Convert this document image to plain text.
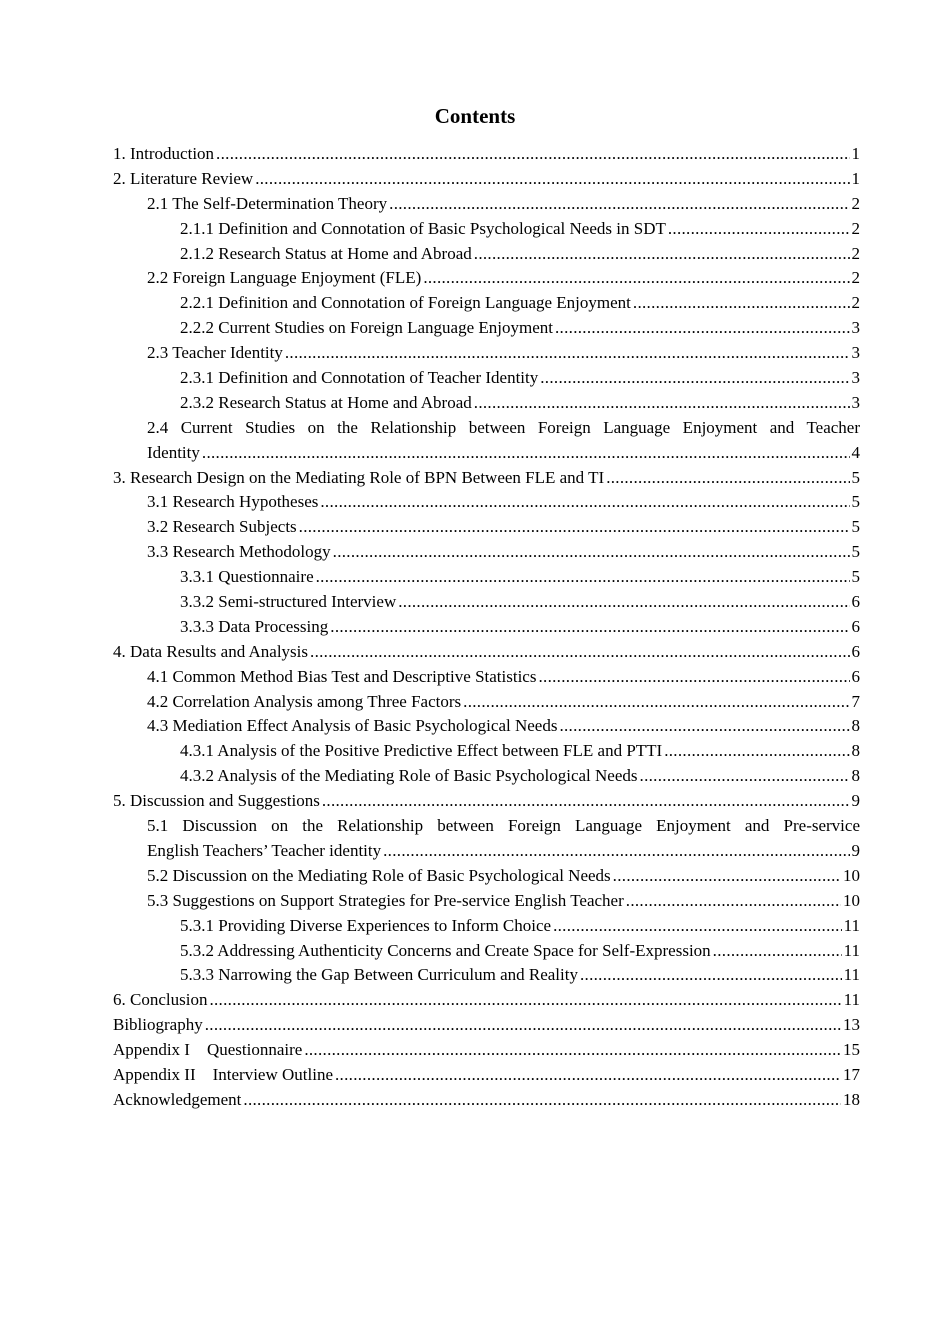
Contents
1. Introduction .....	1
2. Literature Review .....	1
2.1 The Self-Determination Theory .....	2
2.1.1 Definition and Connotation of Basic Psychological Needs in SDT .....	2
2.1.2 Research Status at Home and Abroad .....	2
2.2 Foreign Language Enjoyment (FLE) .....	2
2.2.1 Definition and Connotation of Foreign Language Enjoyment .....	2
2.2.2 Current Studies on Foreign Language Enjoyment .....	3
2.3 Teacher Identity .....	3
2.3.1 Definition and Connotation of Teacher Identity .....	3
2.3.2 Research Status at Home and Abroad .....	3
2.4 Current Studies on the Relationship between Foreign Language Enjoyment and Teacher
Identity .....	4
3. Research Design on the Mediating Role of BPN Between FLE and TI .....	5
3.1 Research Hypotheses .....	5
3.2 Research Subjects .....	5
3.3 Research Methodology .....	5
3.3.1 Questionnaire .....	5
3.3.2 Semi-structured Interview .....	6
3.3.3 Data Processing .....	6
4. Data Results and Analysis .....	6
4.1 Common Method Bias Test and Descriptive Statistics .....	6
4.2 Correlation Analysis among Three Factors .....	7
4.3 Mediation Effect Analysis of Basic Psychological Needs .....	8
4.3.1 Analysis of the Positive Predictive Effect between FLE and PTTI .....	8
4.3.2 Analysis of the Mediating Role of Basic Psychological Needs .....	8
5. Discussion and Suggestions .....	9
5.1 Discussion on the Relationship between Foreign Language Enjoyment and Pre-service
English Teachers’ Teacher identity .....	9
5.2 Discussion on the Mediating Role of Basic Psychological Needs .....	10
5.3 Suggestions on Support Strategies for Pre-service English Teacher .....	10
5.3.1 Providing Diverse Experiences to Inform Choice .....	11
5.3.2 Addressing Authenticity Concerns and Create Space for Self-Expression .....	11
5.3.3 Narrowing the Gap Between Curriculum and Reality .....	11
6. Conclusion .....	11
Bibliography .....	13
Appendix I Questionnaire .....	15
Appendix II Interview Outline .....	17
Acknowledgement .....	18
